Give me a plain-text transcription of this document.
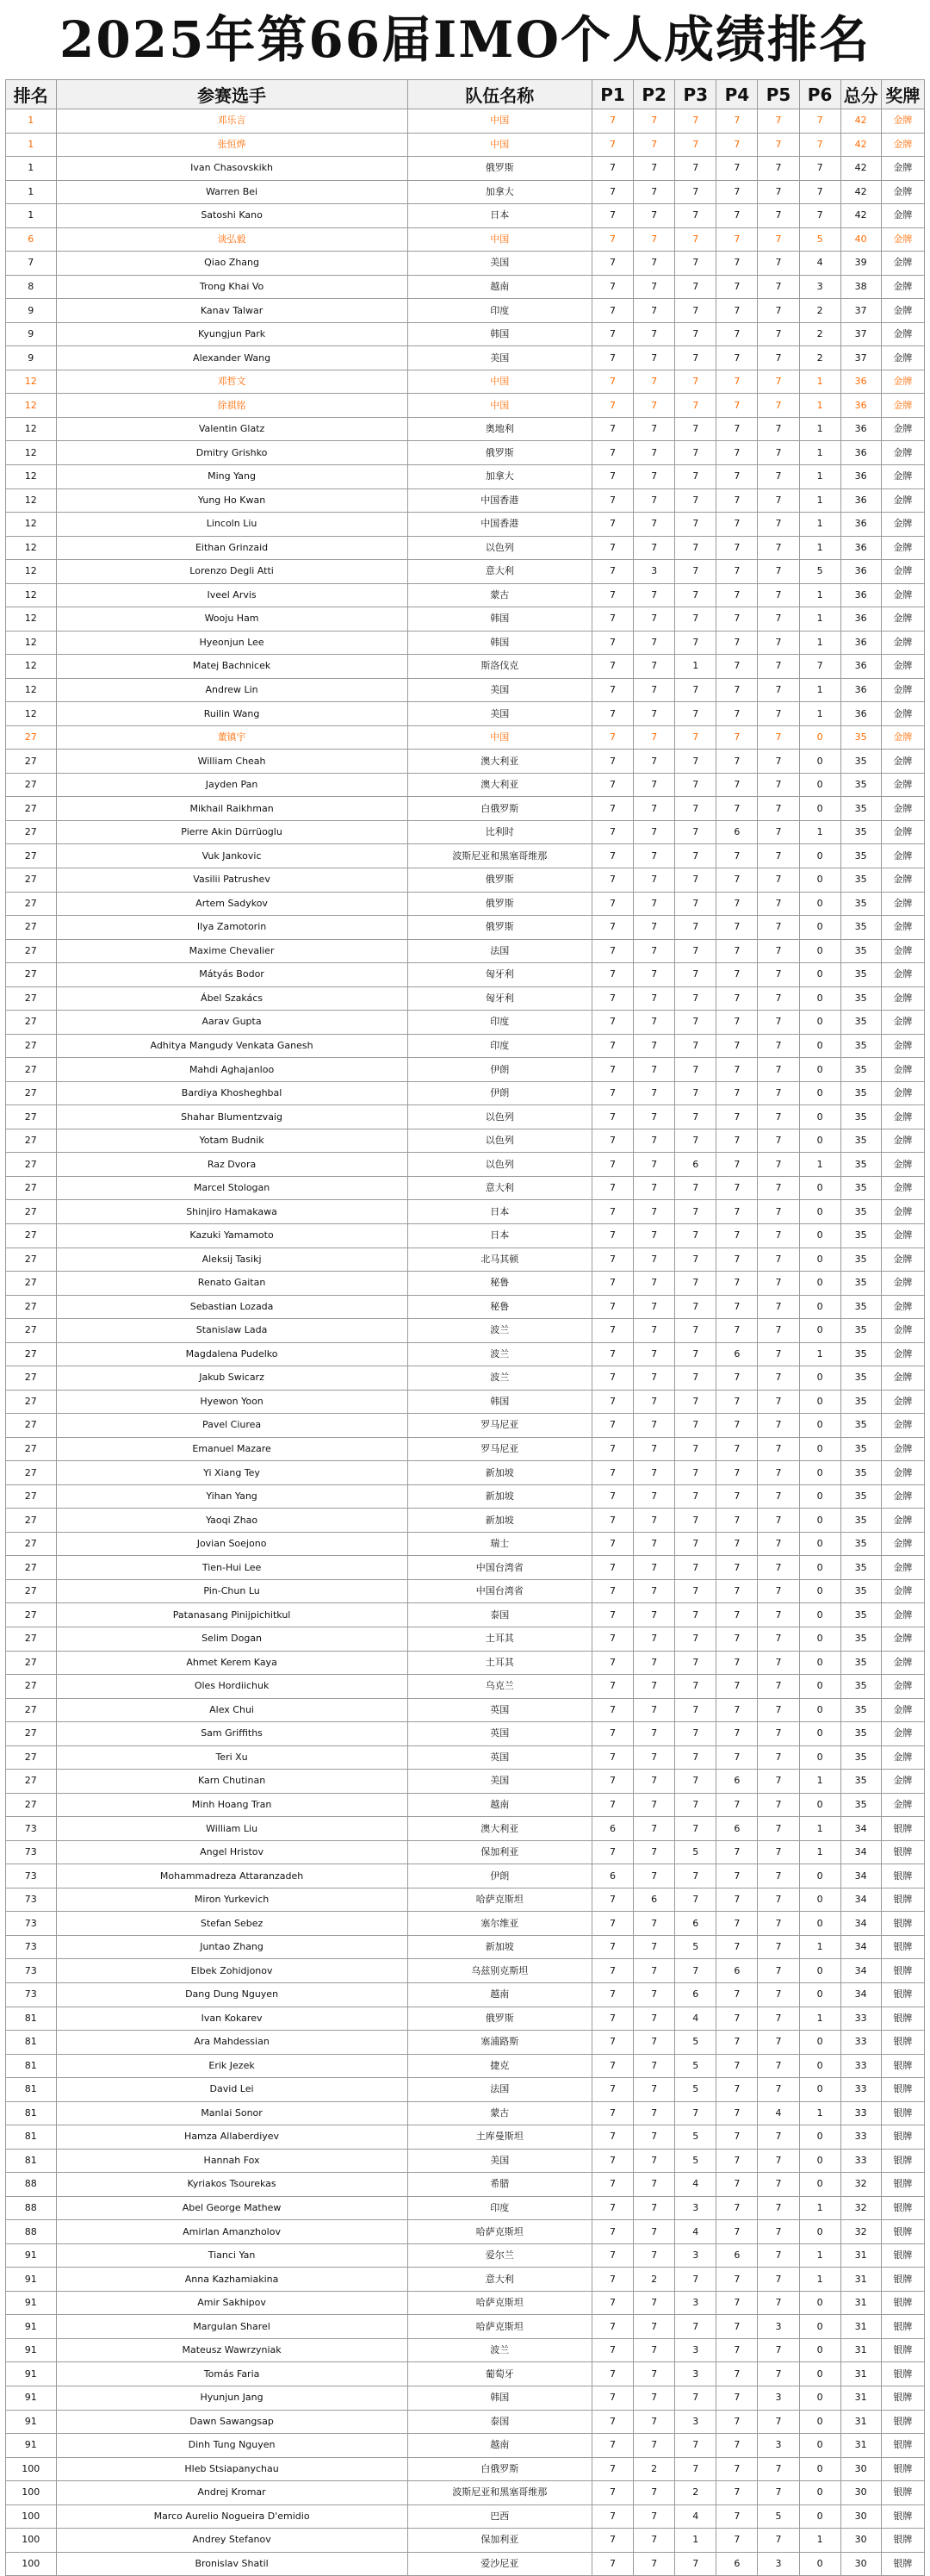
2025年第66届IMO个人成绩排名
排名	参赛选手	队伍名称	P1	P2	P3	P4	P5	P6	总分	奖牌
1	邓乐言	中国	7	7	7	7	7	7	42	金牌
1	张恒烨	中国	7	7	7	7	7	7	42	金牌
1	Ivan Chasovskikh	俄罗斯	7	7	7	7	7	7	42	金牌
1	Warren Bei	加拿大	7	7	7	7	7	7	42	金牌
1	Satoshi Kano	日本	7	7	7	7	7	7	42	金牌
6	谈弘毅	中国	7	7	7	7	7	5	40	金牌
7	Qiao Zhang	美国	7	7	7	7	7	4	39	金牌
8	Trong Khai Vo	越南	7	7	7	7	7	3	38	金牌
9	Kanav Talwar	印度	7	7	7	7	7	2	37	金牌
9	Kyungjun Park	韩国	7	7	7	7	7	2	37	金牌
9	Alexander Wang	美国	7	7	7	7	7	2	37	金牌
12	邓哲文	中国	7	7	7	7	7	1	36	金牌
12	徐祺铭	中国	7	7	7	7	7	1	36	金牌
12	Valentin Glatz	奥地利	7	7	7	7	7	1	36	金牌
12	Dmitry Grishko	俄罗斯	7	7	7	7	7	1	36	金牌
12	Ming Yang	加拿大	7	7	7	7	7	1	36	金牌
12	Yung Ho Kwan	中国香港	7	7	7	7	7	1	36	金牌
12	Lincoln Liu	中国香港	7	7	7	7	7	1	36	金牌
12	Eithan Grinzaid	以色列	7	7	7	7	7	1	36	金牌
12	Lorenzo Degli Atti	意大利	7	3	7	7	7	5	36	金牌
12	Iveel Arvis	蒙古	7	7	7	7	7	1	36	金牌
12	Wooju Ham	韩国	7	7	7	7	7	1	36	金牌
12	Hyeonjun Lee	韩国	7	7	7	7	7	1	36	金牌
12	Matej Bachnicek	斯洛伐克	7	7	1	7	7	7	36	金牌
12	Andrew Lin	美国	7	7	7	7	7	1	36	金牌
12	Ruilin Wang	美国	7	7	7	7	7	1	36	金牌
27	董镇宇	中国	7	7	7	7	7	0	35	金牌
27	William Cheah	澳大利亚	7	7	7	7	7	0	35	金牌
27	Jayden Pan	澳大利亚	7	7	7	7	7	0	35	金牌
27	Mikhail Raikhman	白俄罗斯	7	7	7	7	7	0	35	金牌
27	Pierre Akin Dürrüoglu	比利时	7	7	7	6	7	1	35	金牌
27	Vuk Jankovic	波斯尼亚和黑塞哥维那	7	7	7	7	7	0	35	金牌
27	Vasilii Patrushev	俄罗斯	7	7	7	7	7	0	35	金牌
27	Artem Sadykov	俄罗斯	7	7	7	7	7	0	35	金牌
27	Ilya Zamotorin	俄罗斯	7	7	7	7	7	0	35	金牌
27	Maxime Chevalier	法国	7	7	7	7	7	0	35	金牌
27	Mátyás Bodor	匈牙利	7	7	7	7	7	0	35	金牌
27	Ábel Szakács	匈牙利	7	7	7	7	7	0	35	金牌
27	Aarav Gupta	印度	7	7	7	7	7	0	35	金牌
27	Adhitya Mangudy Venkata Ganesh	印度	7	7	7	7	7	0	35	金牌
27	Mahdi Aghajanloo	伊朗	7	7	7	7	7	0	35	金牌
27	Bardiya Khosheghbal	伊朗	7	7	7	7	7	0	35	金牌
27	Shahar Blumentzvaig	以色列	7	7	7	7	7	0	35	金牌
27	Yotam Budnik	以色列	7	7	7	7	7	0	35	金牌
27	Raz Dvora	以色列	7	7	6	7	7	1	35	金牌
27	Marcel Stologan	意大利	7	7	7	7	7	0	35	金牌
27	Shinjiro Hamakawa	日本	7	7	7	7	7	0	35	金牌
27	Kazuki Yamamoto	日本	7	7	7	7	7	0	35	金牌
27	Aleksij Tasikj	北马其顿	7	7	7	7	7	0	35	金牌
27	Renato Gaitan	秘鲁	7	7	7	7	7	0	35	金牌
27	Sebastian Lozada	秘鲁	7	7	7	7	7	0	35	金牌
27	Stanislaw Lada	波兰	7	7	7	7	7	0	35	金牌
27	Magdalena Pudelko	波兰	7	7	7	6	7	1	35	金牌
27	Jakub Swicarz	波兰	7	7	7	7	7	0	35	金牌
27	Hyewon Yoon	韩国	7	7	7	7	7	0	35	金牌
27	Pavel Ciurea	罗马尼亚	7	7	7	7	7	0	35	金牌
27	Emanuel Mazare	罗马尼亚	7	7	7	7	7	0	35	金牌
27	Yi Xiang Tey	新加坡	7	7	7	7	7	0	35	金牌
27	Yihan Yang	新加坡	7	7	7	7	7	0	35	金牌
27	Yaoqi Zhao	新加坡	7	7	7	7	7	0	35	金牌
27	Jovian Soejono	瑞士	7	7	7	7	7	0	35	金牌
27	Tien-Hui Lee	中国台湾省	7	7	7	7	7	0	35	金牌
27	Pin-Chun Lu	中国台湾省	7	7	7	7	7	0	35	金牌
27	Patanasang Pinijpichitkul	泰国	7	7	7	7	7	0	35	金牌
27	Selim Dogan	土耳其	7	7	7	7	7	0	35	金牌
27	Ahmet Kerem Kaya	土耳其	7	7	7	7	7	0	35	金牌
27	Oles Hordiichuk	乌克兰	7	7	7	7	7	0	35	金牌
27	Alex Chui	英国	7	7	7	7	7	0	35	金牌
27	Sam Griffiths	英国	7	7	7	7	7	0	35	金牌
27	Teri Xu	英国	7	7	7	7	7	0	35	金牌
27	Karn Chutinan	美国	7	7	7	6	7	1	35	金牌
27	Minh Hoang Tran	越南	7	7	7	7	7	0	35	金牌
73	William Liu	澳大利亚	6	7	7	6	7	1	34	银牌
73	Angel Hristov	保加利亚	7	7	5	7	7	1	34	银牌
73	Mohammadreza Attaranzadeh	伊朗	6	7	7	7	7	0	34	银牌
73	Miron Yurkevich	哈萨克斯坦	7	6	7	7	7	0	34	银牌
73	Stefan Sebez	塞尔维亚	7	7	6	7	7	0	34	银牌
73	Juntao Zhang	新加坡	7	7	5	7	7	1	34	银牌
73	Elbek Zohidjonov	乌兹别克斯坦	7	7	7	6	7	0	34	银牌
73	Dang Dung Nguyen	越南	7	7	6	7	7	0	34	银牌
81	Ivan Kokarev	俄罗斯	7	7	4	7	7	1	33	银牌
81	Ara Mahdessian	塞浦路斯	7	7	5	7	7	0	33	银牌
81	Erik Jezek	捷克	7	7	5	7	7	0	33	银牌
81	David Lei	法国	7	7	5	7	7	0	33	银牌
81	Manlai Sonor	蒙古	7	7	7	7	4	1	33	银牌
81	Hamza Allaberdiyev	土库曼斯坦	7	7	5	7	7	0	33	银牌
81	Hannah Fox	美国	7	7	5	7	7	0	33	银牌
88	Kyriakos Tsourekas	希腊	7	7	4	7	7	0	32	银牌
88	Abel George Mathew	印度	7	7	3	7	7	1	32	银牌
88	Amirlan Amanzholov	哈萨克斯坦	7	7	4	7	7	0	32	银牌
91	Tianci Yan	爱尔兰	7	7	3	6	7	1	31	银牌
91	Anna Kazhamiakina	意大利	7	2	7	7	7	1	31	银牌
91	Amir Sakhipov	哈萨克斯坦	7	7	3	7	7	0	31	银牌
91	Margulan Sharel	哈萨克斯坦	7	7	7	7	3	0	31	银牌
91	Mateusz Wawrzyniak	波兰	7	7	3	7	7	0	31	银牌
91	Tomás Faria	葡萄牙	7	7	3	7	7	0	31	银牌
91	Hyunjun Jang	韩国	7	7	7	7	3	0	31	银牌
91	Dawn Sawangsap	泰国	7	7	3	7	7	0	31	银牌
91	Dinh Tung Nguyen	越南	7	7	7	7	3	0	31	银牌
100	Hleb Stsiapanychau	白俄罗斯	7	2	7	7	7	0	30	银牌
100	Andrej Kromar	波斯尼亚和黑塞哥维那	7	7	2	7	7	0	30	银牌
100	Marco Aurelio Nogueira D'emidio	巴西	7	7	4	7	5	0	30	银牌
100	Andrey Stefanov	保加利亚	7	7	1	7	7	1	30	银牌
100	Bronislav Shatil	爱沙尼亚	7	7	7	6	3	0	30	银牌
